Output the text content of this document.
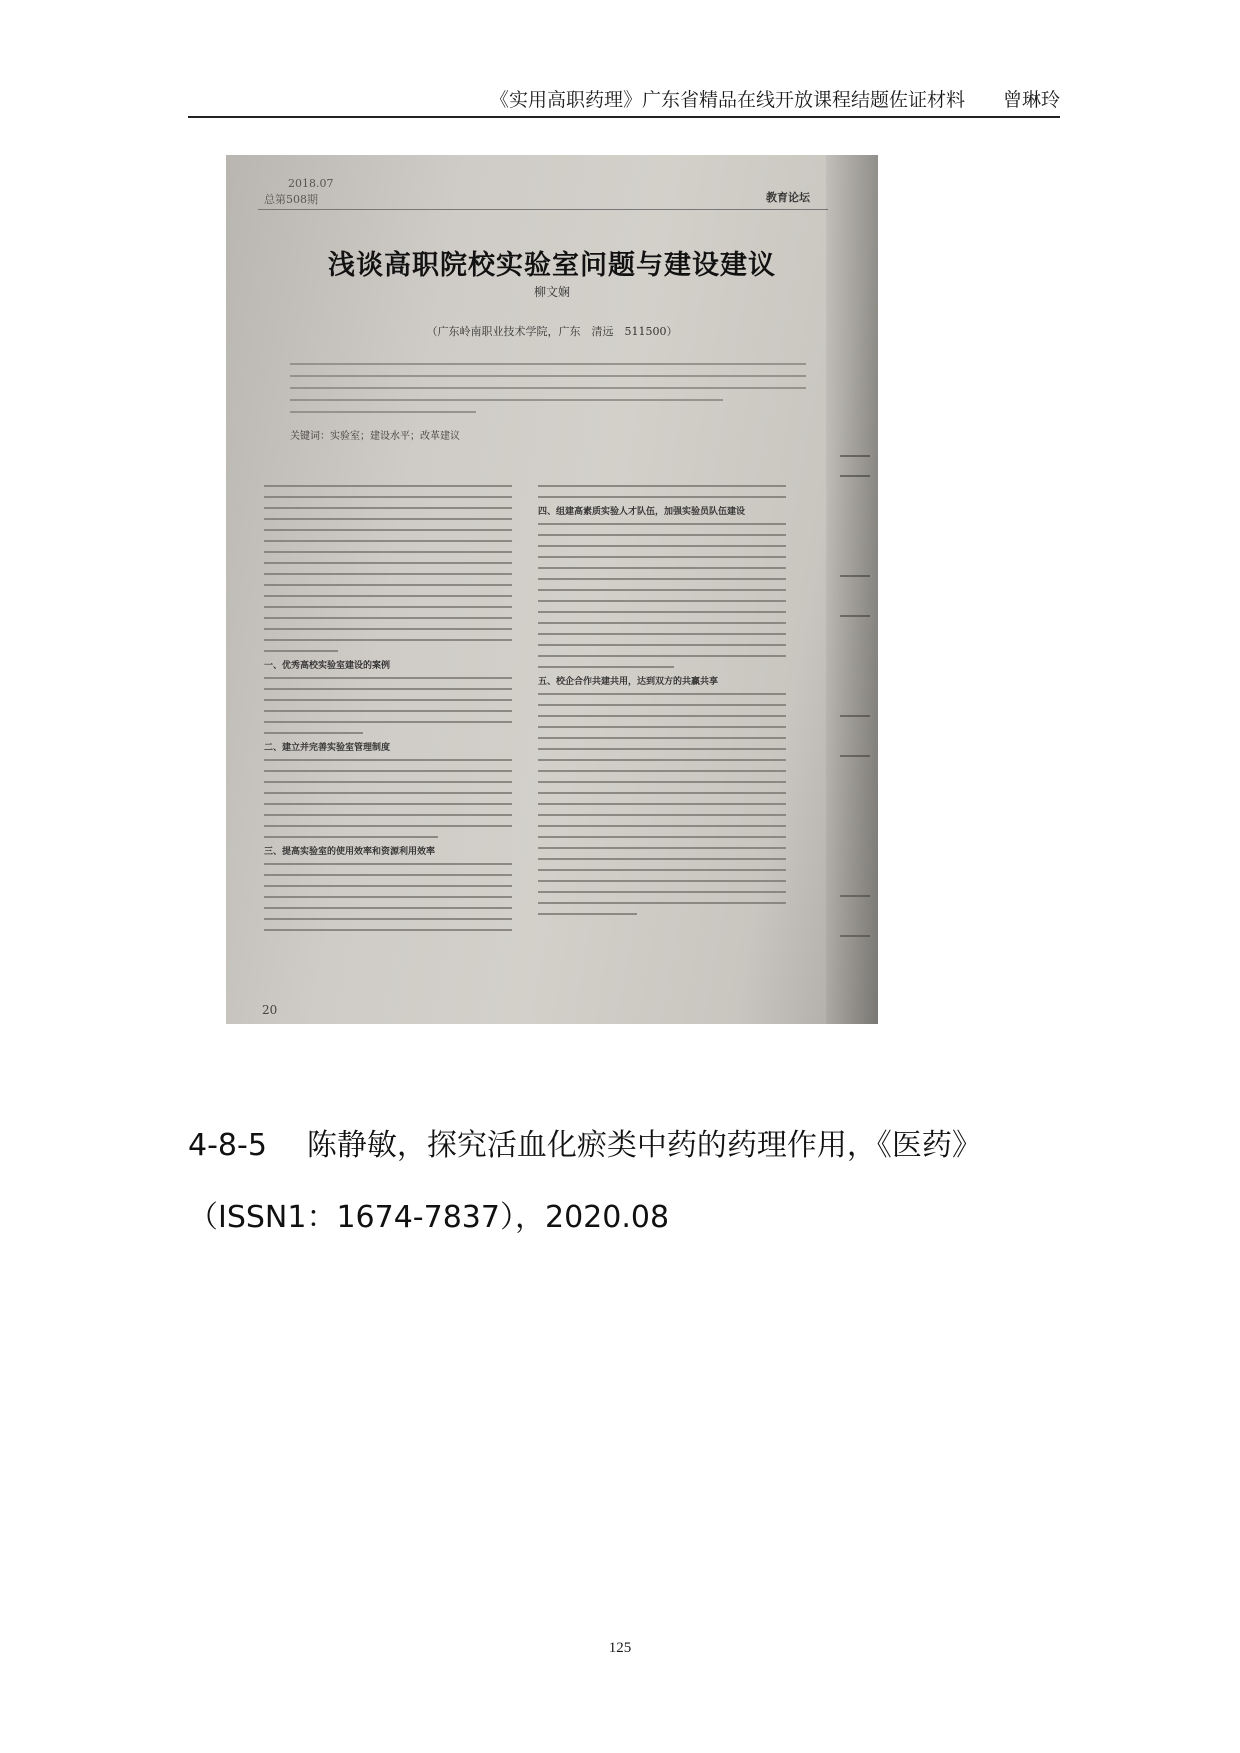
《实用高职药理》广东省精品在线开放课程结题佐证材料　　曾琳玲
2018.07
总第508期	教育论坛
浅谈高职院校实验室问题与建设建议
柳文娴
（广东岭南职业技术学院，广东　清远　511500）
关键词：实验室；建设水平；改革建议
一、优秀高校实验室建设的案例
二、建立并完善实验室管理制度
三、提高实验室的使用效率和资源利用效率
四、组建高素质实验人才队伍，加强实验员队伍建设
五、校企合作共建共用，达到双方的共赢共享
20
4-8-5 陈静敏，探究活血化瘀类中药的药理作用，《医药》
（ISSN1：1674-7837），2020.08
125
